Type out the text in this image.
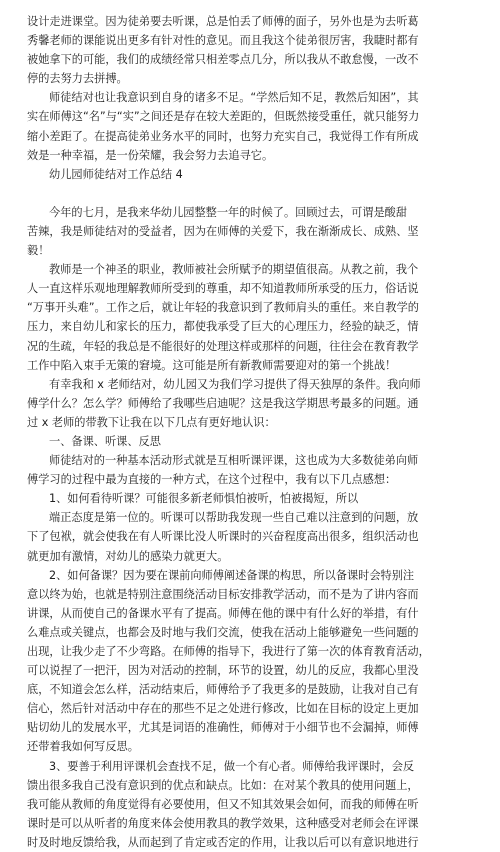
设计走进课堂。因为徒弟要去听课，总是怕丢了师傅的面子，另外也是为去听葛
秀馨老师的课能说出更多有针对性的意见。而且我这个徒弟很厉害，我睫时都有
被她拿下的可能，我们的成绩经常只相差零点几分，所以我从不敢怠慢，一改不
停的去努力去拼搏。

师徒结对也让我意识到自身的诸多不足。“学然后知不足，教然后知困”，其
实在师傅这“名”与“实”之间还是存在较大差距的，但既然接受重任，就只能努力
缩小差距了。在提高徒弟业务水平的同时，也努力充实自己，我觉得工作有所成
效是一种幸福，是一份荣耀，我会努力去追寻它。

幼儿园师徒结对工作总结 4

今年的七月，是我来华幼儿园整整一年的时候了。回顾过去，可谓是酸甜
苦辣，我是师徒结对的受益者，因为在师傅的关爱下，我在渐渐成长、成熟、坚
毅！

教师是一个神圣的职业，教师被社会所赋予的期望值很高。从教之前，我个
人一直这样乐观地理解教师所受到的尊重，却不知道教师所承受的压力，俗话说
“万事开头难”。工作之后，就让年轻的我意识到了教师肩头的重任。来自教学的
压力，来自幼儿和家长的压力，都使我承受了巨大的心理压力，经验的缺乏，情
况的生疏，年轻的我总是不能很好的处理这样或那样的问题，往往会在教育教学
工作中陷入束手无策的窘境。这可能是所有新教师需要迎对的第一个挑战！

有幸我和 x 老师结对，幼儿园又为我们学习提供了得天独厚的条件。我向师
傅学什么？怎么学？师傅给了我哪些启迪呢？这是我这学期思考最多的问题。通
过 x 老师的带教下让我在以下几点有更好地认识：

一、备课、听课、反思

师徒结对的一种基本活动形式就是互相听课评课，这也成为大多数徒弟向师
傅学习的过程中最为直接的一种方式，在这个过程中，我有以下几点感想：

1、如何看待听课？可能很多新老师惧怕被听，怕被揭短，所以

端正态度是第一位的。听课可以帮助我发现一些自己难以注意到的问题，放
下了包袱，就会使我在有人听课比没人听课时的兴奋程度高出很多，组织活动也
就更加有激情，对幼儿的感染力就更大。

2、如何备课？因为要在课前向师傅阐述备课的构思，所以备课时会特别注
意以终为始，也就是特别注意围绕活动目标安排教学活动，而不是为了讲内容而
讲课，从而使自己的备课水平有了提高。师傅在他的课中有什么好的举措，有什
么难点或关键点，也都会及时地与我们交流，使我在活动上能够避免一些问题的
出现，让我少走了不少弯路。在师傅的指导下，我进行了第一次的体育教育活动，
可以说捏了一把汗，因为对活动的控制，环节的设置，幼儿的反应，我都心里没
底，不知道会怎么样，活动结束后，师傅给予了我更多的是鼓励，让我对自己有
信心，然后针对活动中存在的那些不足之处进行修改，比如在目标的设定上更加
贴切幼儿的发展水平，尤其是词语的准确性，师傅对于小细节也不会漏掉，师傅
还带着我如何写反思。

3、要善于利用评课机会查找不足，做一个有心者。师傅给我评课时，会反
馈出很多我自己没有意识到的优点和缺点。比如：在对某个教具的使用问题上，
我可能从教师的角度觉得有必要使用，但又不知其效果会如何，而我的师傅在听
课时是可以从听者的角度来体会使用教具的教学效果，这种感受对老师会在评课
时及时地反馈给我，从而起到了肯定或否定的作用，让我以后可以有意识地进行
